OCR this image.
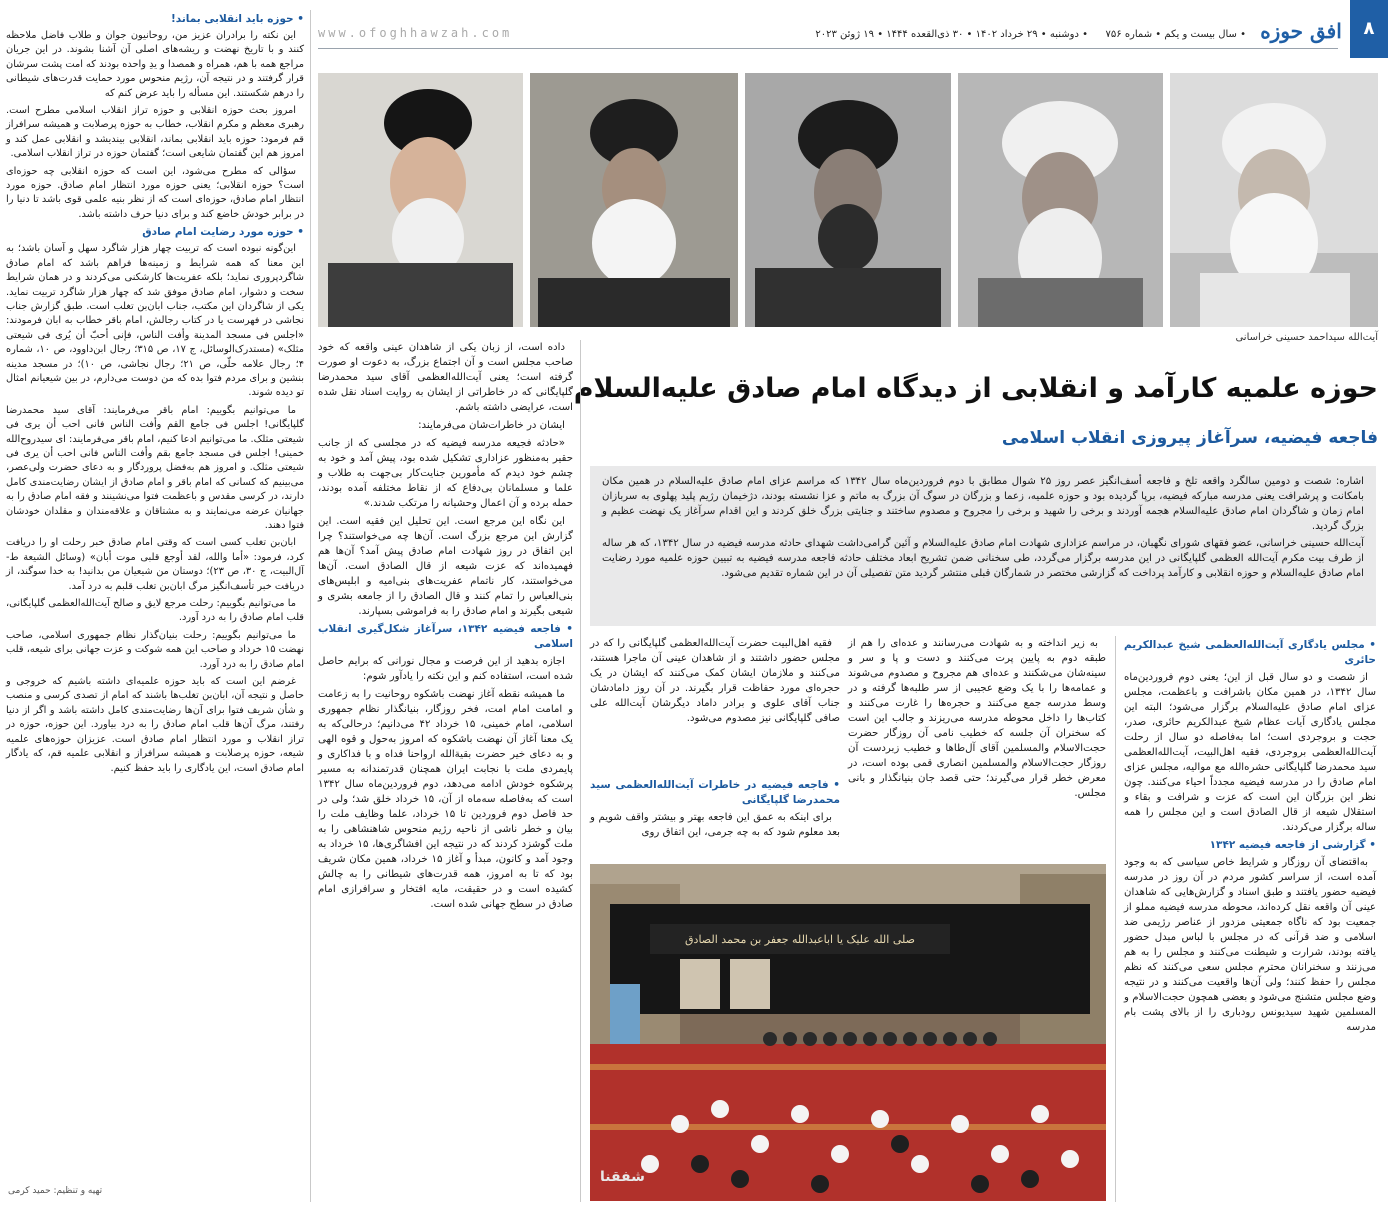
۸
افق حوزه
• سال بیست و یکم • شماره ۷۵۶
• دوشنبه • ۲۹ خرداد ۱۴۰۲ • ۳۰ ذی‌القعده ۱۴۴۴ • ۱۹ ژوئن ۲۰۲۳
www.ofoghhawzah.com
آیت‌الله سیداحمد حسینی خراسانی
حوزه علمیه کارآمد و انقلابی از دیدگاه امام صادق علیه‌السلام
فاجعه فیضیه، سرآغاز پیروزی انقلاب اسلامی

اشاره: شصت و دومین سالگرد واقعه تلخ و فاجعه أسف‌انگیز عصر روز ۲۵ شوال مطابق با دوم فروردین‌ماه سال ۱۳۴۲ که مراسم عزای امام صادق علیه‌السلام در همین مکان بامکانت و پرشرافت یعنی مدرسه مبارکه فیضیه، برپا گردیده بود و حوزه علمیه، زعما و بزرگان در سوگ آن بزرگ به ماتم و عزا نشسته بودند، دژخیمان رژیم پلید پهلوی به سربازان امام زمان و شاگردان امام صادق علیه‌السلام هجمه آوردند و برخی را شهید و برخی را مجروح و مصدوم ساختند و جنایتی بزرگ خلق کردند و این اقدام سرآغاز یک نهضت عظیم و بزرگ گردید.

آیت‌الله حسینی خراسانی، عضو فقهای شورای نگهبان، در مراسم عزاداری شهادت امام صادق علیه‌السلام و آئین گرامی‌داشت شهدای حادثه مدرسه فیضیه در سال ۱۳۴۲، که هر ساله از طرف بیت مکرم آیت‌الله العظمی گلپایگانی در این مدرسه برگزار می‌گردد، طی سخنانی ضمن تشریح ابعاد مختلف حادثه فاجعه مدرسه فیضیه به تبیین حوزه علمیه مورد رضایت امام صادق علیه‌السلام و حوزه انقلابی و کارآمد پرداخت که گزارشی مختصر در شمارگان قبلی منتشر گردید متن تفصیلی آن در این شماره تقدیم می‌شود.

• مجلس یادگاری آیت‌الله‌العظمی شیخ عبدالکریم حائری

از شصت و دو سال قبل از این؛ یعنی دوم فروردین‌ماه سال ۱۳۴۲، در همین مکان باشرافت و باعظمت، مجلس عزای امام صادق علیه‌السلام برگزار می‌شود؛ البته این مجلس یادگاری آیات عظام شیخ عبدالکریم حائری، صدر، حجت و بروجردی است؛ اما به‌فاصله دو سال از رحلت آیت‌الله‌العظمی بروجردی، فقیه اهل‌البیت، آیت‌الله‌العظمی سید محمدرضا گلپایگانی حشره‌الله مع موالیه، مجلس عزای امام صادق را در مدرسه فیضیه مجدداً احیاء می‌کنند. چون نظر این بزرگان این است که عزت و شرافت و بقاء و استقلال شیعه از قال الصادق است و این مجلس را همه ساله برگزار می‌کردند.

• گزارشی از فاجعه فیضیه ۱۳۴۲

به‌اقتضای آن روزگار و شرایط خاص سیاسی که به وجود آمده است، از سراسر کشور مردم در آن روز در مدرسه فیضیه حضور یافتند و طبق اسناد و گزارش‌هایی که شاهدان عینی آن واقعه نقل کرده‌اند، محوطه مدرسه فیضیه مملو از جمعیت بود که ناگاه جمعیتی مزدور از عناصر رژیمی ضد اسلامی و ضد قرآنی که در مجلس با لباس مبدل حضور یافته بودند، شرارت و شیطنت می‌کنند و مجلس را به هم می‌زنند و سخنرانان محترم مجلس سعی می‌کنند که نظم مجلس را حفظ کنند؛ ولی آن‌ها واقعیت می‌کنند و در نتیجه وضع مجلس متشنج می‌شود و بعضی همچون حجت‌الاسلام و المسلمین شهید سیدیونس رودباری را از بالای پشت بام مدرسه

به زیر انداخته و به شهادت می‌رسانند و عده‌ای را هم از طبقه دوم به پایین پرت می‌کنند و دست و پا و سر و سینه‌شان می‌شکنند و عده‌ای هم مجروح و مصدوم می‌شوند و عمامه‌ها را با یک وضع عجیبی از سر طلبه‌ها گرفته و در وسط مدرسه جمع می‌کنند و حجره‌ها را غارت می‌کنند و کتاب‌ها را داخل محوطه مدرسه می‌ریزند و جالب این است که سخنران آن جلسه که خطیب نامی آن روزگار حضرت حجت‌الاسلام والمسلمین آقای آل‌طاها و خطیب زبردست آن روزگار حجت‌الاسلام والمسلمین انصاری قمی بوده است، در معرض خطر قرار می‌گیرند؛ حتی قصد جان بنیانگذار و بانی مجلس.

فقیه اهل‌البیت حضرت آیت‌الله‌العظمی گلپایگانی را که در مجلس حضور داشتند و از شاهدان عینی آن ماجرا هستند، می‌کنند و ملازمان ایشان کمک می‌کنند که ایشان در یک حجره‌ای مورد حفاظت قرار بگیرند. در آن روز دامادشان جناب آقای علوی و برادر داماد دیگرشان آیت‌الله علی صافی گلپایگانی نیز مصدوم می‌شود.

• فاجعه فیضیه در خاطرات آیت‌الله‌العظمی سید محمدرضا گلپایگانی

برای اینکه به عمق این فاجعه بهتر و بیشتر واقف شویم و بعد معلوم شود که به چه جرمی، این اتفاق روی

صلی الله علیک یا اباعبدالله جعفر بن محمد الصادق
شفقنا

داده است، از زبان یکی از شاهدان عینی واقعه که خود صاحب مجلس است و آن اجتماع بزرگ، به دعوت او صورت گرفته است؛ یعنی آیت‌الله‌العظمی آقای سید محمدرضا گلپایگانی که در خاطراتی از ایشان به روایت اسناد نقل شده است، عرایضی داشته باشم.

ایشان در خاطرات‌شان می‌فرمایند:

«حادثه فجیعه مدرسه فیضیه که در مجلسی که از جانب حقیر به‌منظور عزاداری تشکیل شده بود، پیش آمد و خود به چشم خود دیدم که مأمورین جنایت‌کار بی‌جهت به طلاب و علما و مسلمانان بی‌دفاع که از نقاط مختلفه آمده بودند، حمله برده و آن اعمال وحشیانه را مرتکب شدند.»

این نگاه این مرجع است. این تحلیل این فقیه است. این گزارش این مرجع بزرگ است. آن‌ها چه می‌خواستند؟ چرا این اتفاق در روز شهادت امام صادق پیش آمد؟ آن‌ها هم فهمیده‌اند که عزت شیعه از قال الصادق است. آن‌ها می‌خواستند، کار ناتمام عفریت‌های بنی‌امیه و ابلیس‌های بنی‌العباس را تمام کنند و قال الصادق را از جامعه بشری و شیعی بگیرند و امام صادق را به فراموشی بسپارند.

• فاجعه فیضیه ۱۳۴۲، سرآغاز شکل‌گیری انقلاب اسلامی

اجازه بدهید از این فرصت و مجال نورانی که برایم حاصل شده است، استفاده کنم و این نکته را یادآور شوم:

ما همیشه نقطه آغاز نهضت باشکوه روحانیت را به زعامت و امامت امام امت، فخر روزگار، بنیانگذار نظام جمهوری اسلامی، امام خمینی، ۱۵ خرداد ۴۲ می‌دانیم؛ درحالی‌که به یک معنا آغاز آن نهضت باشکوه که امروز به‌حول و قوه الهی و به دعای خیر حضرت بقیةالله ارواحنا فداه و با فداکاری و پایمردی ملت با نجابت ایران همچنان قدرتمندانه به مسیر پرشکوه خودش ادامه می‌دهد، دوم فروردین‌ماه سال ۱۳۴۲ است که به‌فاصله سه‌ماه از آن، ۱۵ خرداد خلق شد؛ ولی در حد فاصل دوم فروردین تا ۱۵ خرداد، علما وظایف ملت را بیان و خطر ناشی از ناحیه رژیم منحوس شاهنشاهی را به ملت گوشزد کردند که در نتیجه این افشاگری‌ها، ۱۵ خرداد به وجود آمد و کانون، مبدأ و آغاز ۱۵ خرداد، همین مکان شریف بود که تا به امروز، همه قدرت‌های شیطانی را به چالش کشیده است و در حقیقت، مایه افتخار و سرافرازی امام صادق در سطح جهانی شده است.

• حوزه باید انقلابی بماند!

این نکته را برادران عزیز من، روحانیون جوان و طلاب فاضل ملاحظه کنند و با تاریخ نهضت و ریشه‌های اصلی آن آشنا بشوند. در این جریان مراجع همه با هم، همراه و همصدا و یدِ واحده بودند که امت پشت سرشان قرار گرفتند و در نتیجه آن، رژیم منحوس مورد حمایت قدرت‌های شیطانی را درهم شکستند. این مسأله را باید عرض کنم که

امروز بحث حوزه انقلابی و حوزه تراز انقلاب اسلامی مطرح است. رهبری معظم و مکرم انقلاب، خطاب به حوزه پرصلابت و همیشه سرافراز قم فرمود: حوزه باید انقلابی بماند، انقلابی بیندیشد و انقلابی عمل کند و امروز هم این گفتمان شایعی است؛ گفتمان حوزه در تراز انقلاب اسلامی.

سؤالی که مطرح می‌شود، این است که حوزه انقلابی چه حوزه‌ای است؟ حوزه انقلابی؛ یعنی حوزه مورد انتظار امام صادق. حوزه مورد انتظار امام صادق، حوزه‌ای است که از نظر بنیه علمی قوی باشد تا دنیا را در برابر خودش خاضع کند و برای دنیا حرف داشته باشد.

• حوزه مورد رضایت امام صادق

این‌گونه نبوده است که تربیت چهار هزار شاگرد سهل و آسان باشد؛ به این معنا که همه شرایط و زمینه‌ها فراهم باشد که امام صادق شاگردپروری نماید؛ بلکه عفریت‌ها کارشکنی می‌کردند و در همان شرایط سخت و دشوار، امام صادق موفق شد که چهار هزار شاگرد تربیت نماید. یکی از شاگردان این مکتب، جناب ابان‌بن تغلب است. طبق گزارش جناب نجاشی در فهرست یا در کتاب رجالش، امام باقر خطاب به ابان فرمودند: «اجلس فی مسجد المدینة وأفت الناس، فإنی أحبّ أن یُری فی شیعتی مثلک» (مستدرک‌الوسائل، ج ۱۷، ص ۳۱۵؛ رجال ابن‌داوود، ص ۱۰، شماره ۴؛ رجال علامه حلّی، ص ۲۱؛ رجال نجاشی، ص ۱۰)؛ در مسجد مدینه بنشین و برای مردم فتوا بده که من دوست می‌دارم، در بین شیعیانم امثال تو دیده شوند.

ما می‌توانیم بگوییم: امام باقر می‌فرمایند: آقای سید محمدرضا گلپایگانی! اجلس فی جامع القم وأفت الناس فانی احب أن یری فی شیعتی مثلک. ما می‌توانیم ادعا کنیم، امام باقر می‌فرمایند: ای سیدروح‌الله خمینی! اجلس فی مسجد جامع بقم وأفت الناس فانی احب أن یری فی شیعتی مثلک. و امروز هم به‌فضل پروردگار و به دعای حضرت ولی‌عصر، می‌بینیم که کسانی که امام باقر و امام صادق از ایشان رضایت‌مندی کامل دارند، در کرسی مقدس و باعظمت فتوا می‌نشینند و فقه امام صادق را به جهانیان عرضه می‌نمایند و به مشتاقان و علاقه‌مندان و مقلدان خودشان فتوا دهند.

ابان‌بن تغلب کسی است که وقتی امام صادق خبر رحلت او را دریافت کرد، فرمود: «أما والله، لقد أوجع قلبی موت أبان» (وسائل الشیعة ط-آل‌البیت، ج ۳۰، ص ۲۳)؛ دوستان من شیعیان من بدانید! به خدا سوگند، از دریافت خبر تأسف‌انگیز مرگ ابان‌بن تغلب قلبم به درد آمد.

ما می‌توانیم بگوییم: رحلت مرجع لایق و صالح آیت‌الله‌العظمی گلپایگانی، قلب امام صادق را به درد آورد.

ما می‌توانیم بگوییم: رحلت بنیان‌گذار نظام جمهوری اسلامی، صاحب نهضت ۱۵ خرداد و صاحب این همه شوکت و عزت جهانی برای شیعه، قلب امام صادق را به درد آورد.

غرضم این است که باید حوزه علمیه‌ای داشته باشیم که خروجی و حاصل و نتیجه آن، ابان‌بن تغلب‌ها باشند که امام از تصدی کرسی و منصب و شأن شریف فتوا برای آن‌ها رضایت‌مندی کامل داشته باشد و اگر از دنیا رفتند، مرگ آن‌ها قلب امام صادق را به درد بیاورد. این حوزه، حوزه در تراز انقلاب و مورد انتظار امام صادق است. عزیزان حوزه‌های علمیه شیعه، حوزه پرصلابت و همیشه سرافراز و انقلابی علمیه قم، که یادگار امام صادق است، این یادگاری را باید حفظ کنیم.

تهیه و تنظیم: حمید کرمی
